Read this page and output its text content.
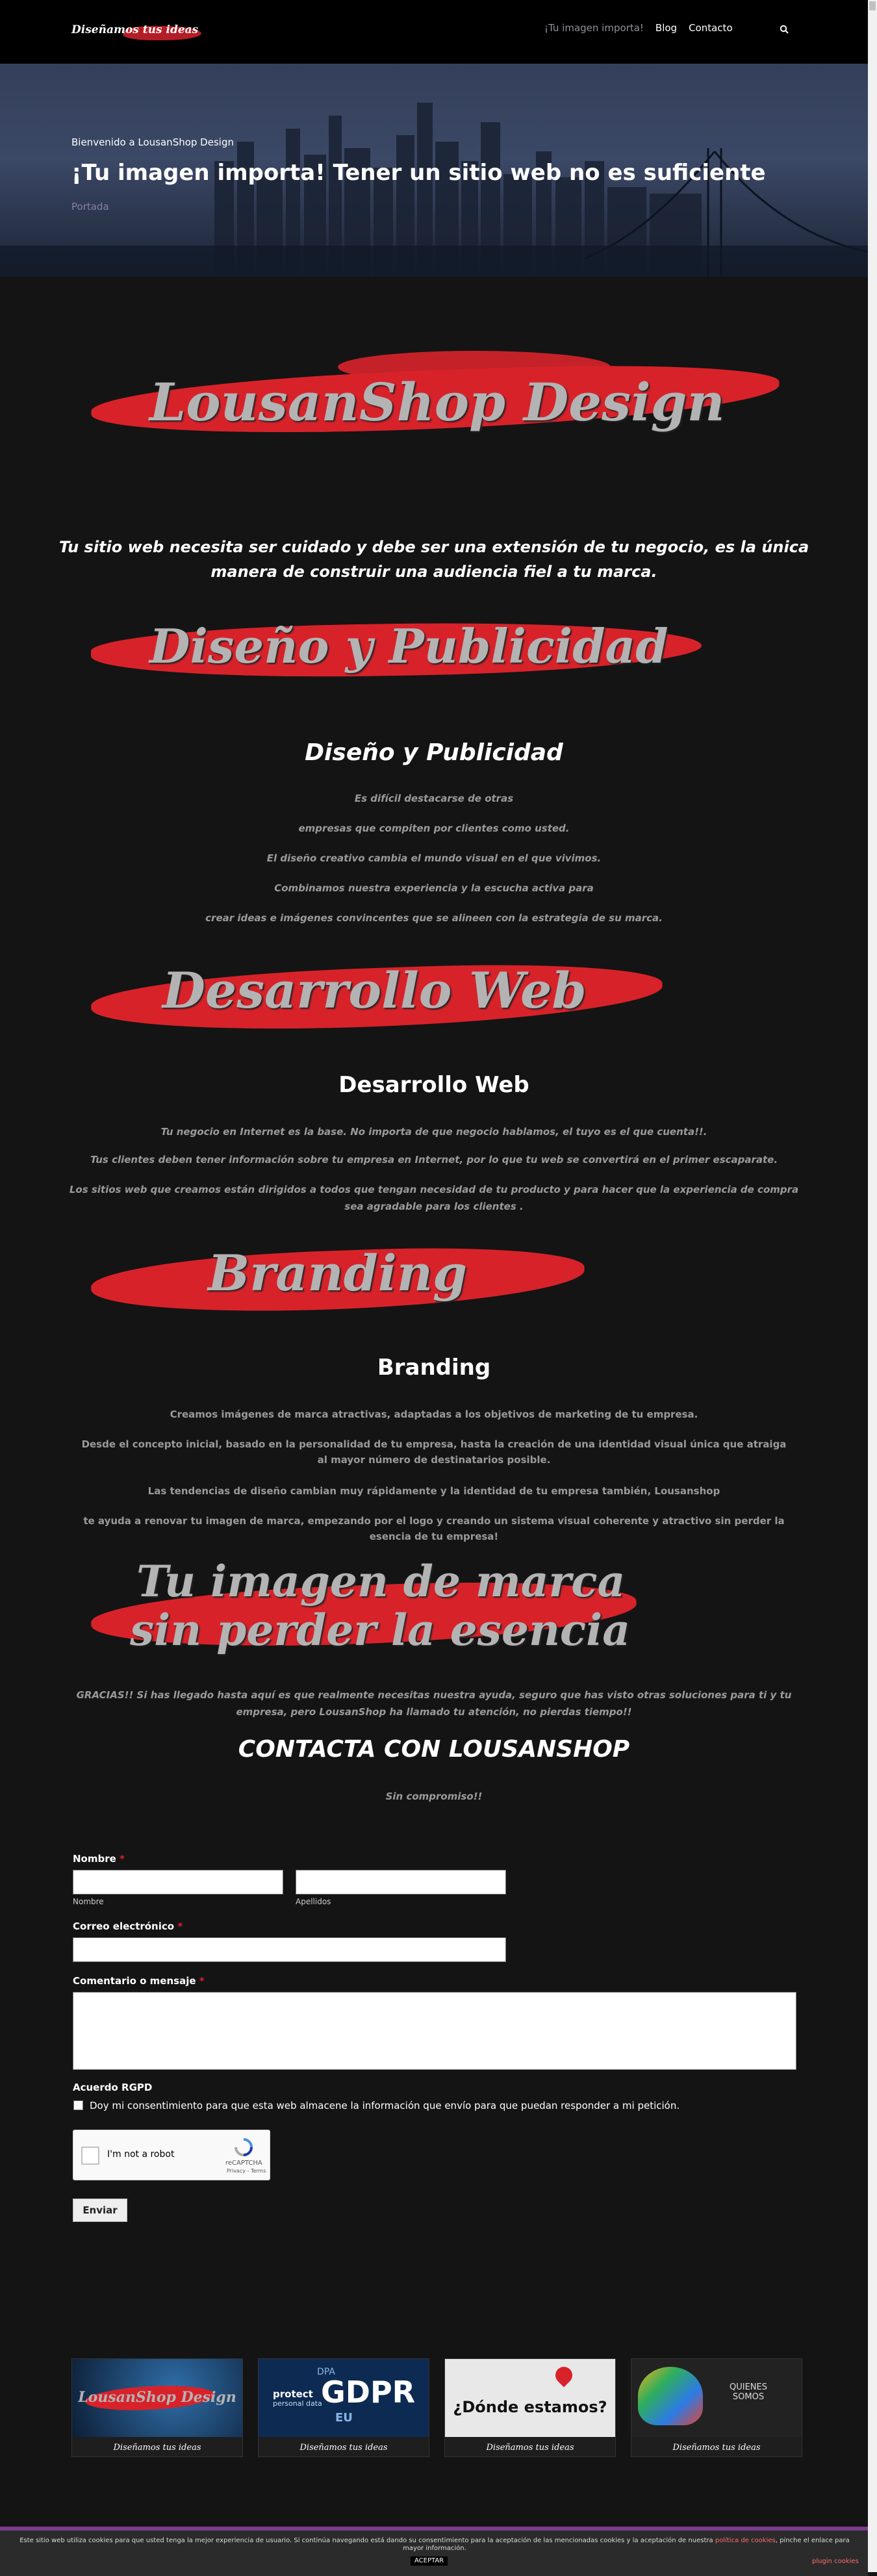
Diseñamos tus ideas	¡Tu imagen importa! Blog Contacto
Bienvenido a LousanShop Design
¡Tu imagen importa! Tener un sitio web no es suficiente
Portada
LousanShop Design
Tu sitio web necesita ser cuidado y debe ser una extensión de tu negocio, es la única
manera de construir una audiencia fiel a tu marca.
Diseño y Publicidad
Diseño y Publicidad
Es difícil destacarse de otras
empresas que compiten por clientes como usted.
El diseño creativo cambia el mundo visual en el que vivimos.
Combinamos nuestra experiencia y la escucha activa para
crear ideas e imágenes convincentes que se alineen con la estrategia de su marca.
Desarrollo Web
Desarrollo Web
Tu negocio en Internet es la base. No importa de que negocio hablamos, el tuyo es el que cuenta!!.
Tus clientes deben tener información sobre tu empresa en Internet, por lo que tu web se convertirá en el primer escaparate.
Los sitios web que creamos están dirigidos a todos que tengan necesidad de tu producto y para hacer que la experiencia de compra
sea agradable para los clientes .
Branding
Branding
Creamos imágenes de marca atractivas, adaptadas a los objetivos de marketing de tu empresa.
Desde el concepto inicial, basado en la personalidad de tu empresa, hasta la creación de una identidad visual única que atraiga
al mayor número de destinatarios posible.
Las tendencias de diseño cambian muy rápidamente y la identidad de tu empresa también, Lousanshop
te ayuda a renovar tu imagen de marca, empezando por el logo y creando un sistema visual coherente y atractivo sin perder la
esencia de tu empresa!
Tu imagen de marca
sin perder la esencia
GRACIAS!! Si has llegado hasta aquí es que realmente necesitas nuestra ayuda, seguro que has visto otras soluciones para ti y tu
empresa, pero LousanShop ha llamado tu atención, no pierdas tiempo!!
CONTACTA CON LOUSANSHOP
Sin compromiso!!
Nombre *
Nombre	Apellidos
Correo electrónico *
Comentario o mensaje *
Acuerdo RGPD
Doy mi consentimiento para que esta web almacene la información que envío para que puedan responder a mi petición.
I'm not a robot
reCAPTCHA
Privacy - Terms
Enviar
LousanShop Design
Diseñamos tus ideas
DPA
protect
personal data
GDPR
EU
Diseñamos tus ideas
¿Dónde estamos?
Diseñamos tus ideas
QUIENES SOMOS
Diseñamos tus ideas
Este sitio web utiliza cookies para que usted tenga la mejor experiencia de usuario. Si continúa navegando está dando su consentimiento para la aceptación de las mencionadas cookies y la aceptación de nuestra política de cookies, pinche el enlace para mayor información.
ACEPTAR	plugin cookies
